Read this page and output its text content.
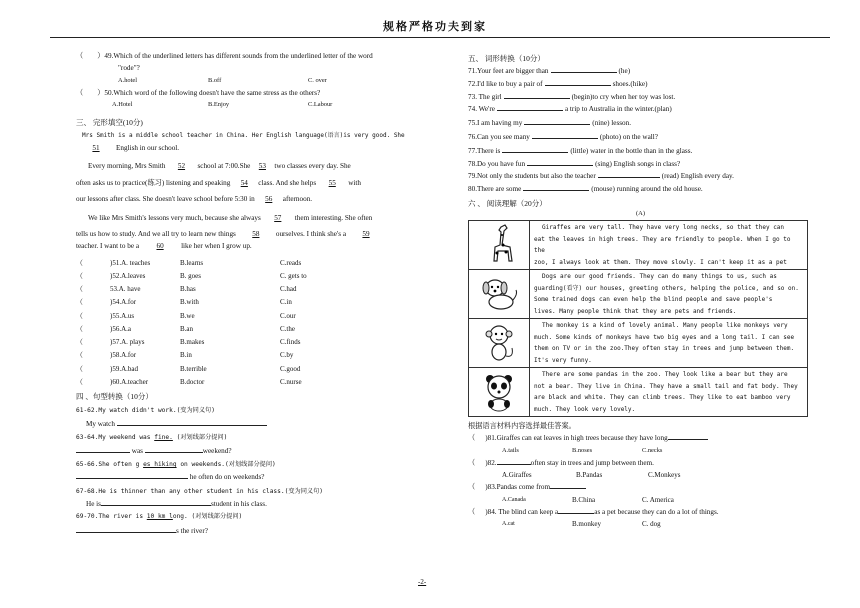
规格严格功夫到家
（ ）49.Which of the underlined letters has different sounds from the underlined letter of the word
"rode"?
A.hotel	B.off	C. over
（ ）50.Which word of the following doesn't have the same stress as the others?
A.Hotel	B.Enjoy	C.Labour
三、 完形填空(10分)
Mrs Smith is a middle school teacher in China. Her English language(语言)is very good. She
51 English in our school.
Every morning, Mrs Smith 52 school at 7:00.She 53 two classes every day. She
often asks us to practice(练习) listening and speaking 54 class. And she helps 55 with
our lessons after class. She doesn't leave school before 5:30 in 56 afternoon.
We like Mrs Smith's lessons very much, because she always 57 them interesting. She often
tells us how to study. And we all try to learn new things 58 ourselves. I think she's a 59
teacher. I want to be a 60 like her when I grow up.
（	)51.A. teaches	B.learns	C.reads
（	)52.A.leaves	B. goes	C. gets to
（	53.A. have	B.has	C.had
（	)54.A.for	B.with	C.in
（	)55.A.us	B.we	C.our
（	)56.A.a	B.an	C.the
（	)57.A. plays	B.makes	C.finds
（	)58.A.for	B.in	C.by
（	)59.A.bad	B.terrible	C.good
（	)60.A.teacher	B.doctor	C.nurse
四 、句型转换（10分）
61-62.My watch didn't work.(变为同义句)
My watch
63-64.My weekend was fine. (对划线部分提问)
was	weekend?
65-66.She often g es hiking on weekends.(对划线部分提问)
he often do on weekends?
67-68.He is thinner than any other student in his class.(变为同义句)
He is	student in his class.
69-70.The river is 10 km long. (对划线部分提问)
s the river?
五、 词形转换（10分）
71.Your feet are bigger than	(he)
72.I'd like to buy a pair of	shoes.(hike)
73. The girl	(begin)to cry when her toy was lost.
74. We're	a trip to Australia in the winter.(plan)
75.I am having my	(nine) lesson.
76.Can you see many	(photo) on the wall?
77.There is	(little) water in the bottle than in the glass.
78.Do you have fun	(sing) English songs in class?
79.Not only the students but also the teacher	(read) English every day.
80.There are some	(mouse) running around the old house.
六 、 阅读理解（20分）
(A)
Giraffes are very tall. They have very long necks, so that they can
eat the leaves in high trees. They are friendly to people. When I go to the
zoo, I always look at them. They move slowly. I can't keep it as a pet
Dogs are our good friends. They can do many things to us, such as
guarding(看守) our houses, greeting others, helping the police, and so on.
Some trained dogs can even help the blind people and save people's
lives. Many people think that they are pets and friends.
The monkey is a kind of lovely animal. Many people like monkeys very
much. Some kinds of monkeys have two big eyes and a long tail. I can see
them on TV or in the zoo.They often stay in trees and jump between them.
It's very funny.
There are some pandas in the zoo. They look like a bear but they are
not a bear. They live in China. They have a small tail and fat body. They
are black and white. They can climb trees. They like to eat bamboo very
much. They look very lovely.
根据语言材料内容选择最佳答案。
（ )81.Giraffes can eat leaves in high trees because they have long
A.tails	B.noses	C.necks
（ )82.	often stay in trees and jump between them.
A.Giraffes	B.Pandas	C.Monkeys
（ )83.Pandas come from
A.Canada	B.China	C. America
（ )84. The blind can keep a	as a pet because they can do a lot of things.
A.cat	B.monkey	C. dog
-2-
